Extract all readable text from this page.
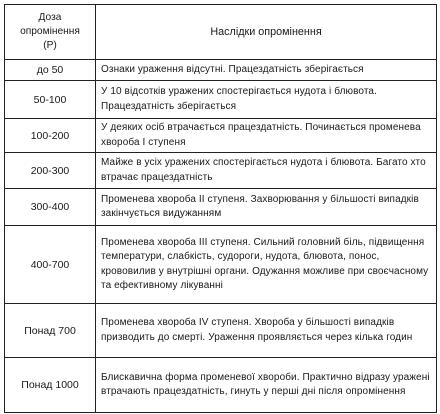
Доза
опромінення
(Р)	Наслідки опромінення
до 50	Ознаки ураження відсутні. Працездатність зберігається
50-100	У 10 відсотків уражених спостерігається нудота і блювота. Працездатність зберігається
100-200	У деяких осіб втрачається працездатність. Починається променева хвороба І ступеня
200-300	Майже в усіх уражених спостерігається нудота і блювота. Багато хто втрачає працездатність
300-400	Променева хвороба ІІ ступеня. Захворювання у більшості випадків закінчується видужанням
400-700	Променева хвороба ІІІ ступеня. Сильний головний біль, підвищення температури, слабкість, судороги, нудота, блювота, понос, крововилив у внутрішні органи. Одужання можливе при своєчасному та ефективному лікуванні
Понад 700	Променева хвороба IV ступеня. Хвороба у більшості випадків призводить до смерті. Ураження проявляється через кілька годин
Понад 1000	Блискавична форма променевої хвороби. Практично відразу уражені втрачають працездатність, гинуть у перші дні після опромінення
